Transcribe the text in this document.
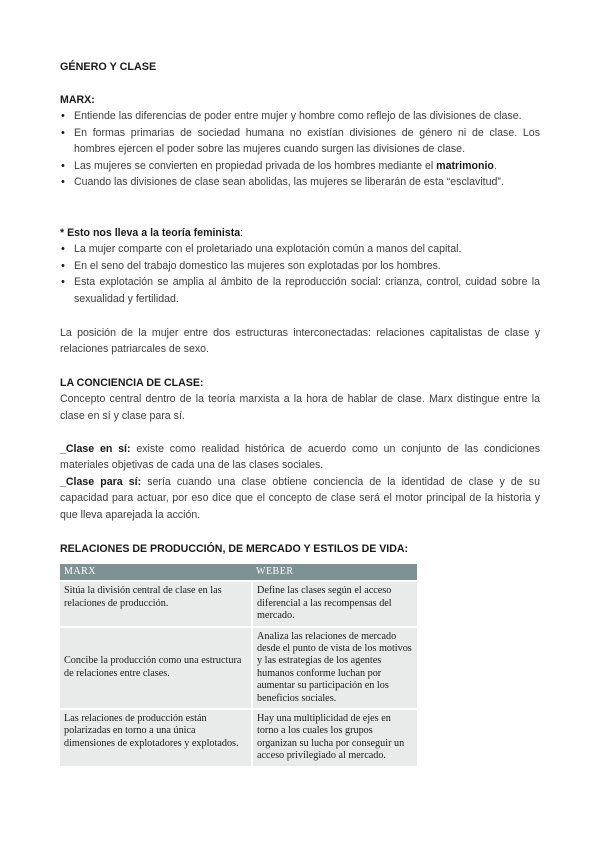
GÉNERO Y CLASE
MARX:
• Entiende las diferencias de poder entre mujer y hombre como reflejo de las divisiones de clase.
• En formas primarias de sociedad humana no existían divisiones de género ni de clase. Los hombres ejercen el poder sobre las mujeres cuando surgen las divisiones de clase.
• Las mujeres se convierten en propiedad privada de los hombres mediante el matrimonio.
• Cuando las divisiones de clase sean abolidas, las mujeres se liberarán de esta “esclavitud”.
* Esto nos lleva a la teoría feminista:
• La mujer comparte con el proletariado una explotación común a manos del capital.
• En el seno del trabajo domestico las mujeres son explotadas por los hombres.
• Esta explotación se amplia al ámbito de la reproducción social: crianza, control, cuidad sobre la sexualidad y fertilidad.

La posición de la mujer entre dos estructuras interconectadas: relaciones capitalistas de clase y relaciones patriarcales de sexo.

LA CONCIENCIA DE CLASE:

Concepto central dentro de la teoría marxista a la hora de hablar de clase. Marx distingue entre la clase en sí y clase para sí.

_Clase en sí: existe como realidad histórica de acuerdo como un conjunto de las condiciones materiales objetivas de cada una de las clases sociales.

_Clase para sí: sería cuando una clase obtiene conciencia de la identidad de clase y de su capacidad para actuar, por eso dice que el concepto de clase será el motor principal de la historia y que lleva aparejada la acción.

RELACIONES DE PRODUCCIÓN, DE MERCADO Y ESTILOS DE VIDA:
MARX	WEBER
Sitúa la división central de clase en las relaciones de producción.	Define las clases según el acceso diferencial a las recompensas del mercado.
Concibe la producción como una estructura de relaciones entre clases.	Analiza las relaciones de mercado desde el punto de vista de los motivos y las estrategias de los agentes humanos conforme luchan por aumentar su participación en los beneficios sociales.
Las relaciones de producción están polarizadas en torno a una única dimensiones de explotadores y explotados.	Hay una multiplicidad de ejes en torno a los cuales los grupos organizan su lucha por conseguir un acceso privilegiado al mercado.
